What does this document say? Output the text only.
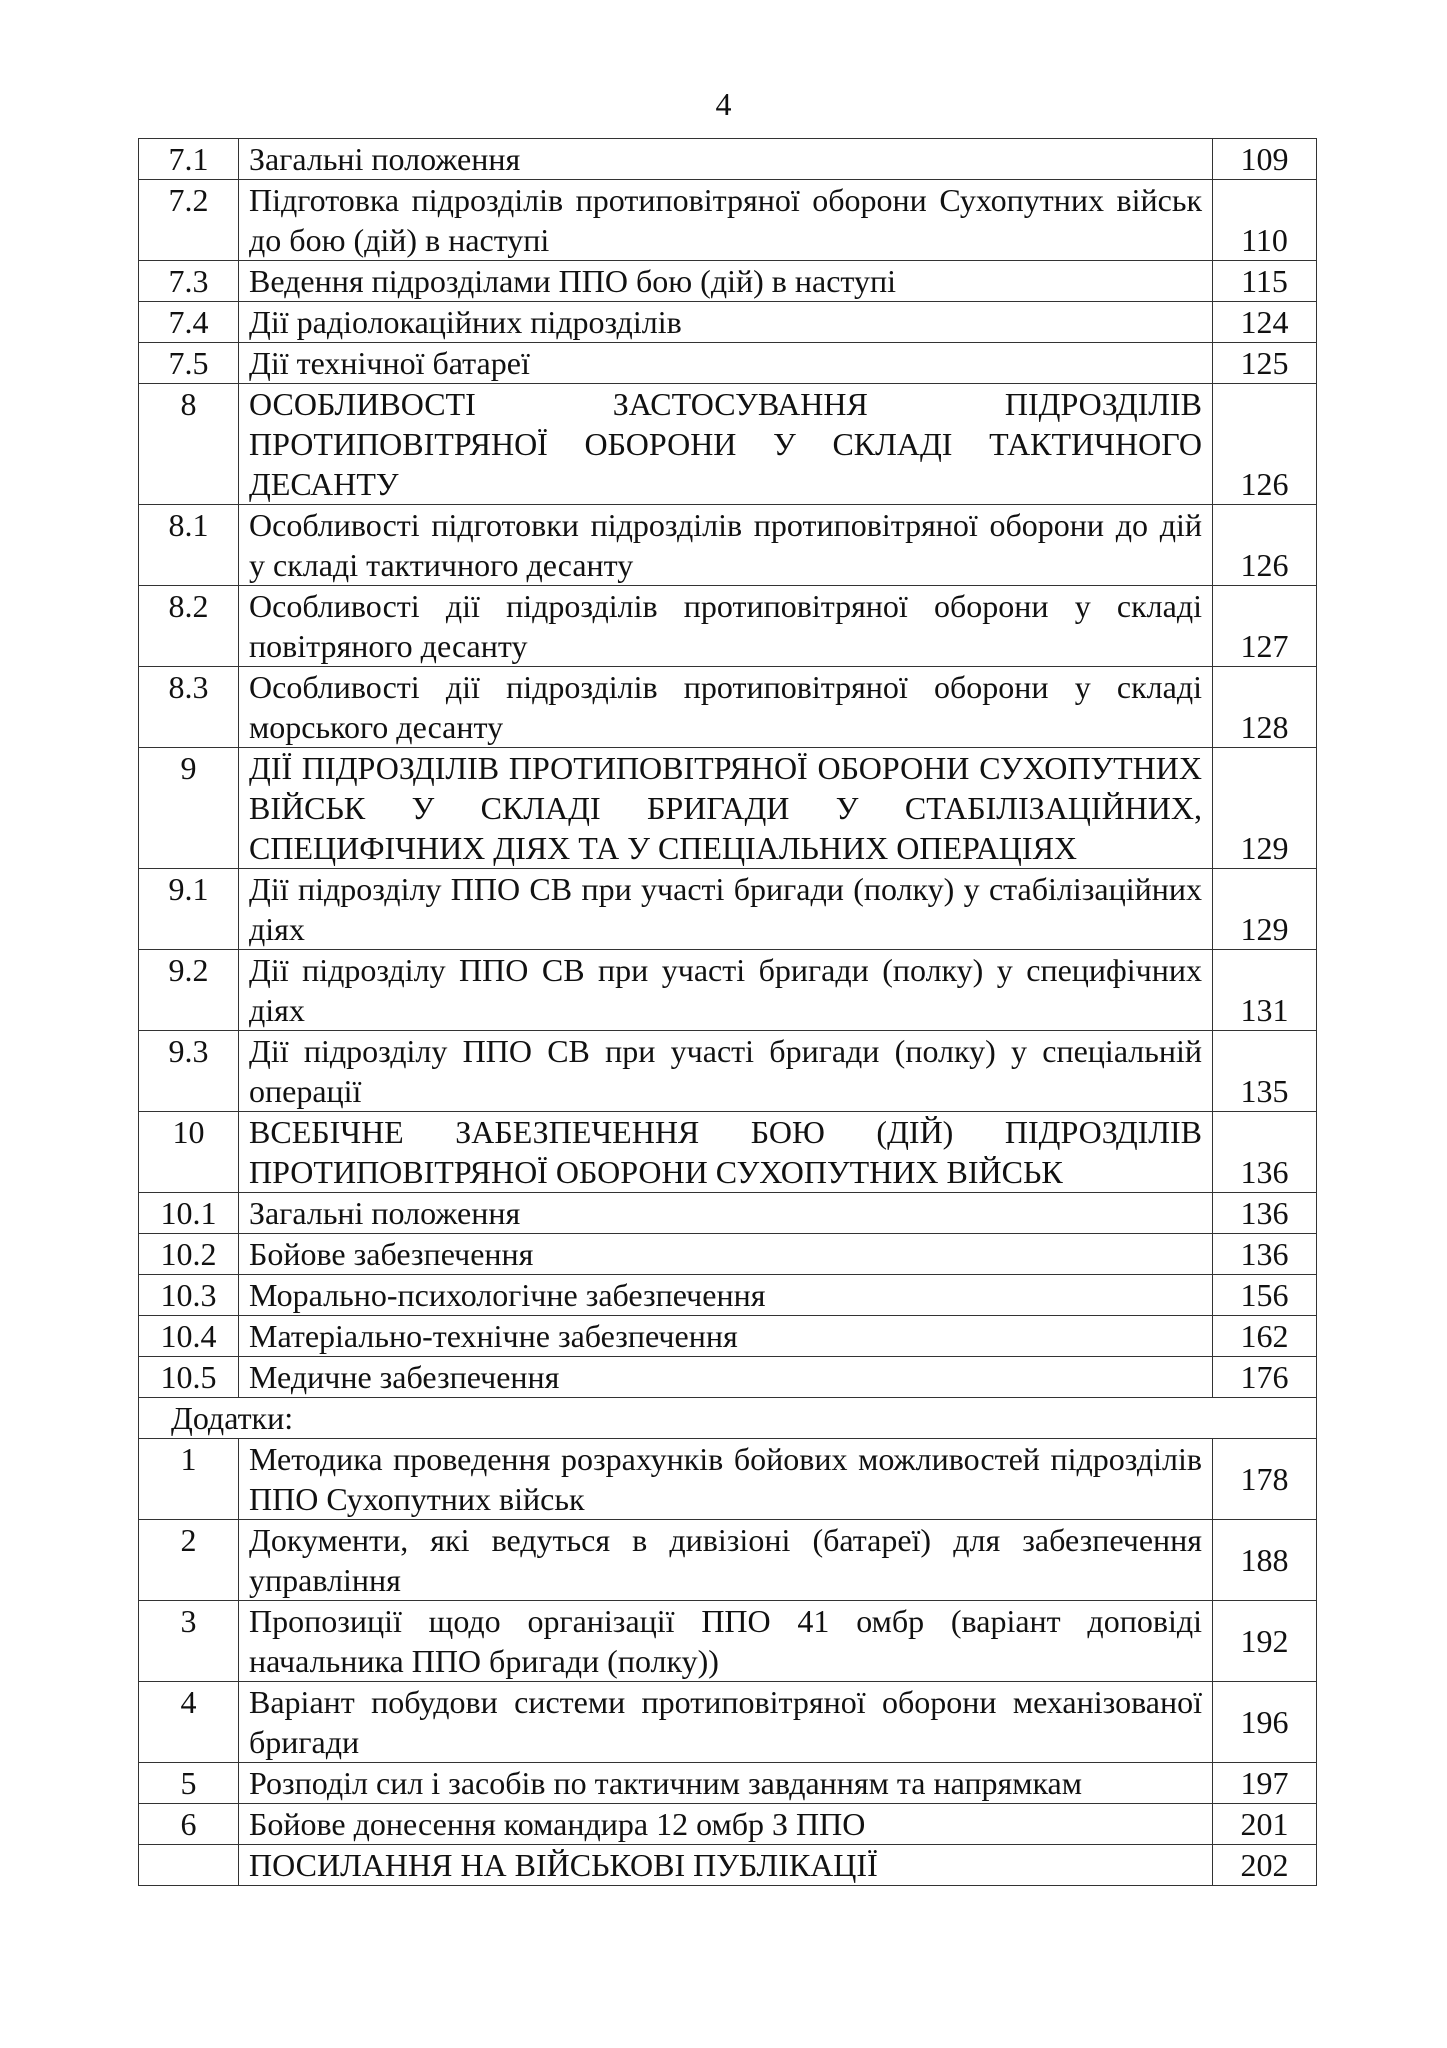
4
7.1	Загальні положення	109
7.2	Підготовка підрозділів протиповітряної оборони Сухопутних військ до бою (дій) в наступі	110
7.3	Ведення підрозділами ППО бою (дій) в наступі	115
7.4	Дії радіолокаційних підрозділів	124
7.5	Дії технічної батареї	125
8	ОСОБЛИВОСТІ ЗАСТОСУВАННЯ ПІДРОЗДІЛІВ ПРОТИПОВІТРЯНОЇ ОБОРОНИ У СКЛАДІ ТАКТИЧНОГО ДЕСАНТУ	126
8.1	Особливості підготовки підрозділів протиповітряної оборони до дій у складі тактичного десанту	126
8.2	Особливості дії підрозділів протиповітряної оборони у складі повітряного десанту	127
8.3	Особливості дії підрозділів протиповітряної оборони у складі морського десанту	128
9	ДІЇ ПІДРОЗДІЛІВ ПРОТИПОВІТРЯНОЇ ОБОРОНИ СУХОПУТНИХ ВІЙСЬК У СКЛАДІ БРИГАДИ У СТАБІЛІЗАЦІЙНИХ, СПЕЦИФІЧНИХ ДІЯХ ТА У СПЕЦІАЛЬНИХ ОПЕРАЦІЯХ	129
9.1	Дії підрозділу ППО СВ при участі бригади (полку) у стабілізаційних діях	129
9.2	Дії підрозділу ППО СВ при участі бригади (полку) у специфічних діях	131
9.3	Дії підрозділу ППО СВ при участі бригади (полку) у спеціальній операції	135
10	ВСЕБІЧНЕ ЗАБЕЗПЕЧЕННЯ БОЮ (ДІЙ) ПІДРОЗДІЛІВ ПРОТИПОВІТРЯНОЇ ОБОРОНИ СУХОПУТНИХ ВІЙСЬК	136
10.1	Загальні положення	136
10.2	Бойове забезпечення	136
10.3	Морально-психологічне забезпечення	156
10.4	Матеріально-технічне забезпечення	162
10.5	Медичне забезпечення	176
Додатки:		
1	Методика проведення розрахунків бойових можливостей підрозділів ППО Сухопутних військ	178
2	Документи, які ведуться в дивізіоні (батареї) для забезпечення управління	188
3	Пропозиції щодо організації ППО 41 омбр (варіант доповіді начальника ППО бригади (полку))	192
4	Варіант побудови системи протиповітряної оборони механізованої бригади	196
5	Розподіл сил і засобів по тактичним завданням та напрямкам	197
6	Бойове донесення командира 12 омбр З ППО	201
	ПОСИЛАННЯ НА ВІЙСЬКОВІ ПУБЛІКАЦІЇ	202
